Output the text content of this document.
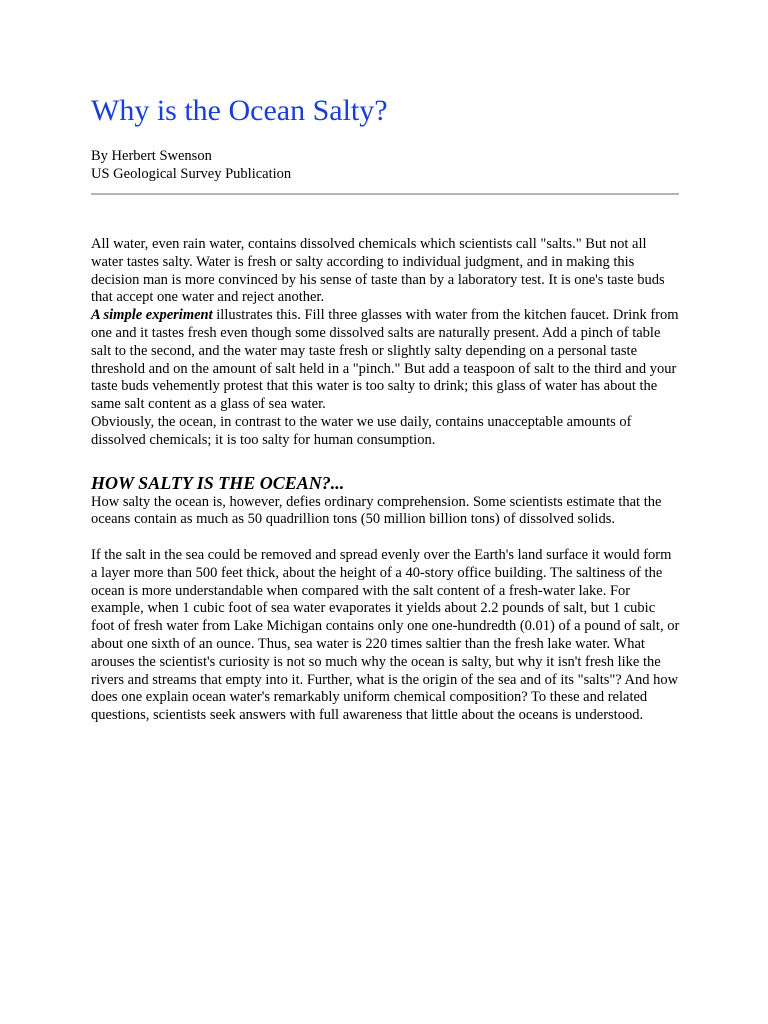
Why is the Ocean Salty?
By Herbert Swenson
US Geological Survey Publication

All water, even rain water, contains dissolved chemicals which scientists call "salts." But not all water tastes salty. Water is fresh or salty according to individual judgment, and in making this decision man is more convinced by his sense of taste than by a laboratory test. It is one's taste buds that accept one water and reject another.

A simple experiment illustrates this. Fill three glasses with water from the kitchen faucet. Drink from one and it tastes fresh even though some dissolved salts are naturally present. Add a pinch of table salt to the second, and the water may taste fresh or slightly salty depending on a personal taste threshold and on the amount of salt held in a "pinch." But add a teaspoon of salt to the third and your taste buds vehemently protest that this water is too salty to drink; this glass of water has about the same salt content as a glass of sea water.

Obviously, the ocean, in contrast to the water we use daily, contains unacceptable amounts of dissolved chemicals; it is too salty for human consumption.

HOW SALTY IS THE OCEAN?...

How salty the ocean is, however, defies ordinary comprehension. Some scientists estimate that the oceans contain as much as 50 quadrillion tons (50 million billion tons) of dissolved solids.

If the salt in the sea could be removed and spread evenly over the Earth's land surface it would form a layer more than 500 feet thick, about the height of a 40-story office building. The saltiness of the ocean is more understandable when compared with the salt content of a fresh-water lake. For example, when 1 cubic foot of sea water evaporates it yields about 2.2 pounds of salt, but 1 cubic foot of fresh water from Lake Michigan contains only one one-hundredth (0.01) of a pound of salt, or about one sixth of an ounce. Thus, sea water is 220 times saltier than the fresh lake water. What arouses the scientist's curiosity is not so much why the ocean is salty, but why it isn't fresh like the rivers and streams that empty into it. Further, what is the origin of the sea and of its "salts"? And how does one explain ocean water's remarkably uniform chemical composition? To these and related questions, scientists seek answers with full awareness that little about the oceans is understood.
